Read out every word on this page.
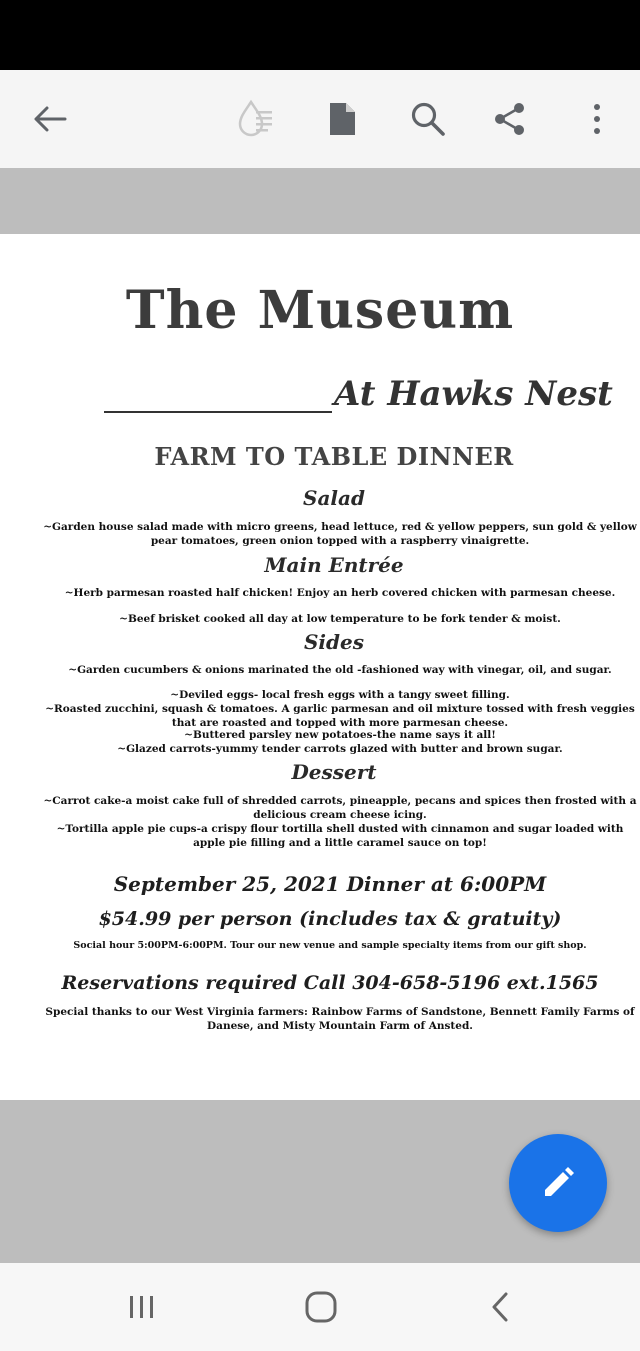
The Museum
At Hawks Nest
FARM TO TABLE DINNER
Salad
~Garden house salad made with micro greens, head lettuce, red & yellow peppers, sun gold & yellow pear tomatoes, green onion topped with a raspberry vinaigrette.
Main Entrée
~Herb parmesan roasted half chicken! Enjoy an herb covered chicken with parmesan cheese.
~Beef brisket cooked all day at low temperature to be fork tender & moist.
Sides
~Garden cucumbers & onions marinated the old -fashioned way with vinegar, oil, and sugar.
~Deviled eggs- local fresh eggs with a tangy sweet filling.
~Roasted zucchini, squash & tomatoes. A garlic parmesan and oil mixture tossed with fresh veggies that are roasted and topped with more parmesan cheese.
~Buttered parsley new potatoes-the name says it all!
~Glazed carrots-yummy tender carrots glazed with butter and brown sugar.
Dessert
~Carrot cake-a moist cake full of shredded carrots, pineapple, pecans and spices then frosted with a delicious cream cheese icing.
~Tortilla apple pie cups-a crispy flour tortilla shell dusted with cinnamon and sugar loaded with apple pie filling and a little caramel sauce on top!
September 25, 2021 Dinner at 6:00PM
$54.99 per person (includes tax & gratuity)
Social hour 5:00PM-6:00PM. Tour our new venue and sample specialty items from our gift shop.
Reservations required Call 304-658-5196 ext.1565
Special thanks to our West Virginia farmers: Rainbow Farms of Sandstone, Bennett Family Farms of Danese, and Misty Mountain Farm of Ansted.
